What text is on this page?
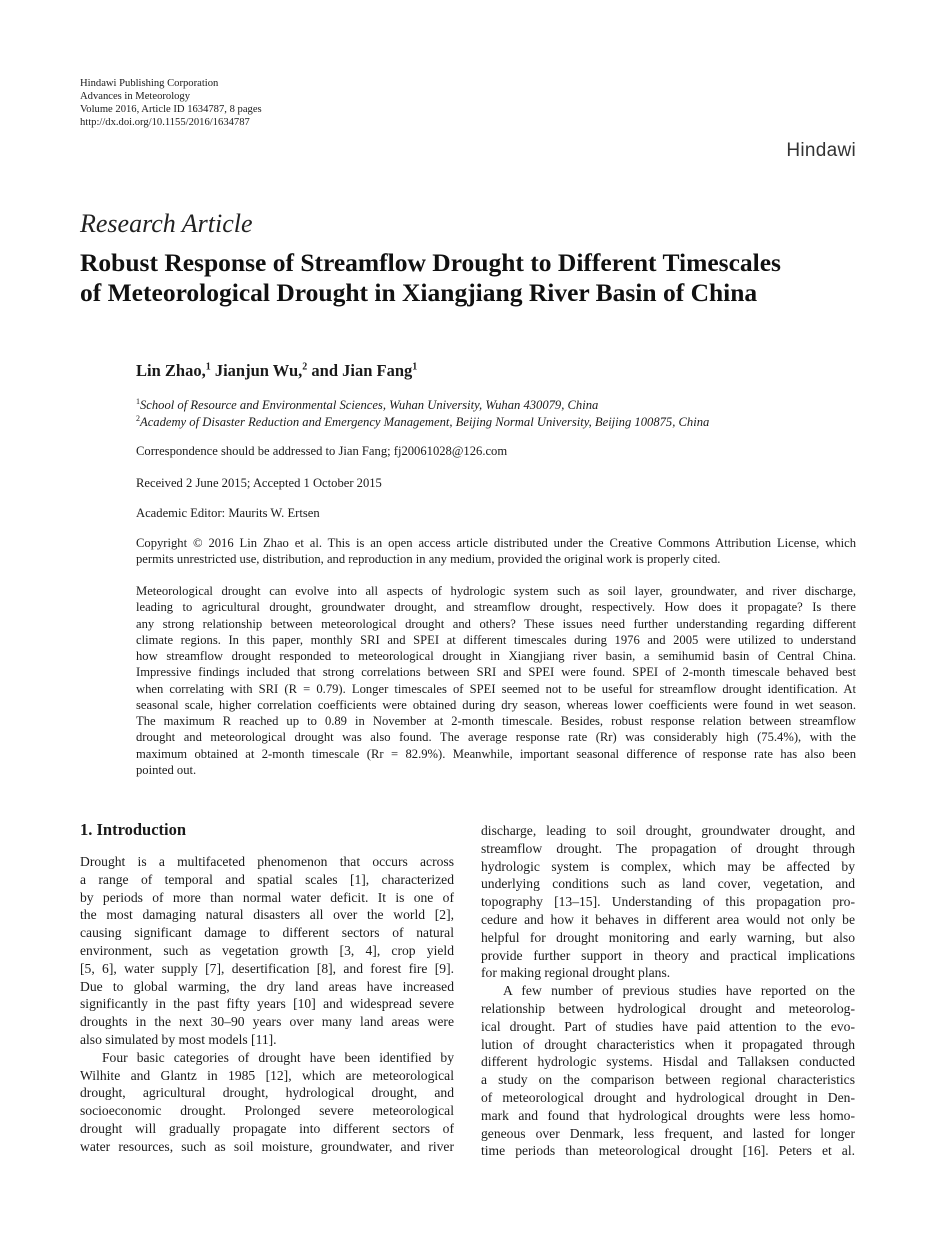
Hindawi Publishing Corporation
Advances in Meteorology
Volume 2016, Article ID 1634787, 8 pages
http://dx.doi.org/10.1155/2016/1634787
Hindawi
Research Article
Robust Response of Streamflow Drought to Different Timescales
of Meteorological Drought in Xiangjiang River Basin of China
Lin Zhao,$^1$ Jianjun Wu,$^2$ and Jian Fang$^1$
$^1$School of Resource and Environmental Sciences, Wuhan University, Wuhan 430079, China
$^2$Academy of Disaster Reduction and Emergency Management, Beijing Normal University, Beijing 100875, China
Correspondence should be addressed to Jian Fang; fj20061028@126.com
Received 2 June 2015; Accepted 1 October 2015
Academic Editor: Maurits W. Ertsen
Copyright © 2016 Lin Zhao et al. This is an open access article distributed under the Creative Commons Attribution License, which
permits unrestricted use, distribution, and reproduction in any medium, provided the original work is properly cited.
Meteorological drought can evolve into all aspects of hydrologic system such as soil layer, groundwater, and river discharge,
leading to agricultural drought, groundwater drought, and streamflow drought, respectively. How does it propagate? Is there
any strong relationship between meteorological drought and others? These issues need further understanding regarding different
climate regions. In this paper, monthly SRI and SPEI at different timescales during 1976 and 2005 were utilized to understand
how streamflow drought responded to meteorological drought in Xiangjiang river basin, a semihumid basin of Central China.
Impressive findings included that strong correlations between SRI and SPEI were found. SPEI of 2-month timescale behaved best
when correlating with SRI (R = 0.79). Longer timescales of SPEI seemed not to be useful for streamflow drought identification. At
seasonal scale, higher correlation coefficients were obtained during dry season, whereas lower coefficients were found in wet season.
The maximum R reached up to 0.89 in November at 2-month timescale. Besides, robust response relation between streamflow
drought and meteorological drought was also found. The average response rate (Rr) was considerably high (75.4%), with the
maximum obtained at 2-month timescale (Rr = 82.9%). Meanwhile, important seasonal difference of response rate has also been
pointed out.
1. Introduction
Drought is a multifaceted phenomenon that occurs across
a range of temporal and spatial scales [1], characterized
by periods of more than normal water deficit. It is one of
the most damaging natural disasters all over the world [2],
causing significant damage to different sectors of natural
environment, such as vegetation growth [3, 4], crop yield
[5, 6], water supply [7], desertification [8], and forest fire [9].
Due to global warming, the dry land areas have increased
significantly in the past fifty years [10] and widespread severe
droughts in the next 30–90 years over many land areas were
also simulated by most models [11].
Four basic categories of drought have been identified by
Wilhite and Glantz in 1985 [12], which are meteorological
drought, agricultural drought, hydrological drought, and
socioeconomic drought. Prolonged severe meteorological
drought will gradually propagate into different sectors of
water resources, such as soil moisture, groundwater, and river
discharge, leading to soil drought, groundwater drought, and
streamflow drought. The propagation of drought through
hydrologic system is complex, which may be affected by
underlying conditions such as land cover, vegetation, and
topography [13–15]. Understanding of this propagation pro-
cedure and how it behaves in different area would not only be
helpful for drought monitoring and early warning, but also
provide further support in theory and practical implications
for making regional drought plans.
A few number of previous studies have reported on the
relationship between hydrological drought and meteorolog-
ical drought. Part of studies have paid attention to the evo-
lution of drought characteristics when it propagated through
different hydrologic systems. Hisdal and Tallaksen conducted
a study on the comparison between regional characteristics
of meteorological drought and hydrological drought in Den-
mark and found that hydrological droughts were less homo-
geneous over Denmark, less frequent, and lasted for longer
time periods than meteorological drought [16]. Peters et al.
